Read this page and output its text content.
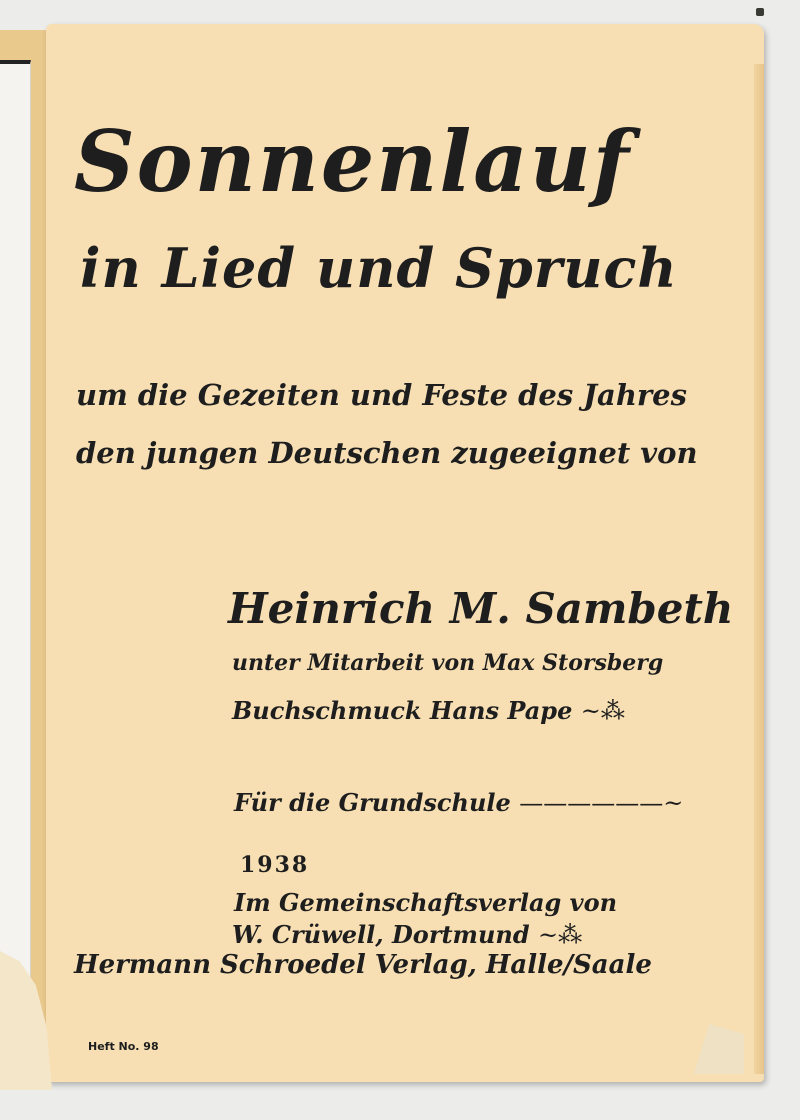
Sonnenlauf
in Lied und Spruch
um die Gezeiten und Feste des Jahres
den jungen Deutschen zugeeignet von
Heinrich M. Sambeth
unter Mitarbeit von Max Storsberg
Buchschmuck Hans Pape ~⁂
Für die Grundschule ——————~
1938
Im Gemeinschaftsverlag von
W. Crüwell, Dortmund ~⁂
Hermann Schroedel Verlag, Halle/Saale
Heft No. 98
